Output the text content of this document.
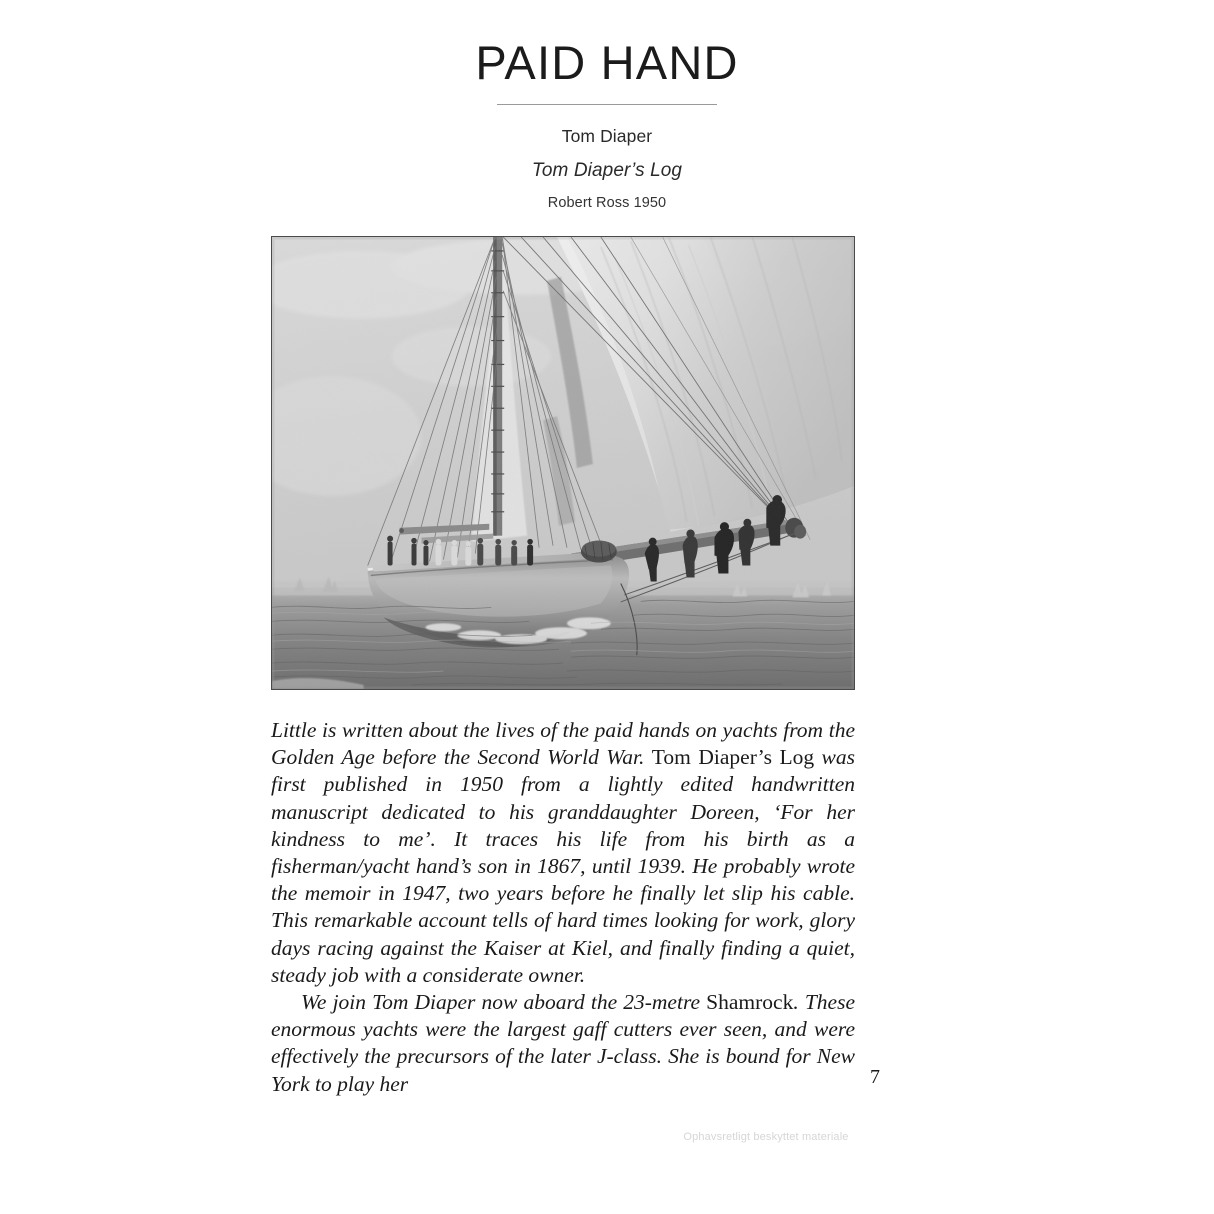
PAID HAND
Tom Diaper
Tom Diaper’s Log
Robert Ross 1950

Little is written about the lives of the paid hands on yachts from the Golden Age before the Second World War. Tom Diaper’s Log was first published in 1950 from a lightly edited handwritten manuscript dedicated to his granddaughter Doreen, ‘For her kindness to me’. It traces his life from his birth as a fisherman/yacht hand’s son in 1867, until 1939. He probably wrote the memoir in 1947, two years before he finally let slip his cable. This remarkable account tells of hard times looking for work, glory days racing against the Kaiser at Kiel, and finally finding a quiet, steady job with a considerate owner.

We join Tom Diaper now aboard the 23-metre Shamrock. These enormous yachts were the largest gaff cutters ever seen, and were effectively the precursors of the later J-class. She is bound for New York to play her	7
Ophavsretligt beskyttet materiale
